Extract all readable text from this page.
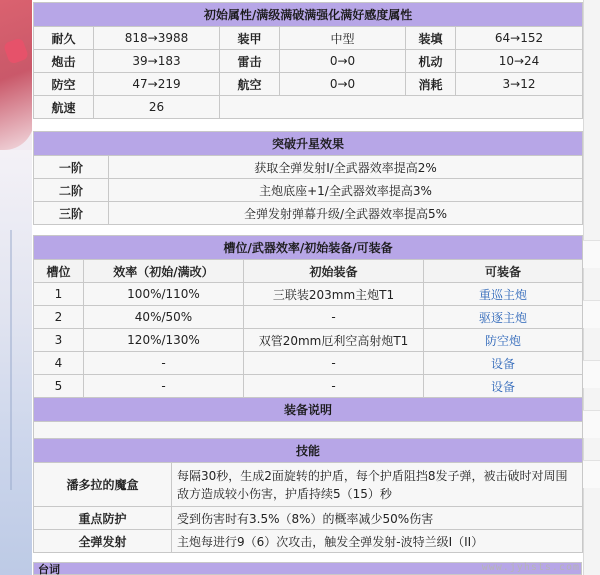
初始属性/满级满破满强化满好感度属性					
耐久	818→3988	装甲	中型	装填	64→152
炮击	39→183	雷击	0→0	机动	10→24
防空	47→219	航空	0→0	消耗	3→12
航速	26				
突破升星效果	
一阶	获取全弹发射I/全武器效率提高2%
二阶	主炮底座+1/全武器效率提高3%
三阶	全弹发射弹幕升级/全武器效率提高5%
槽位/武器效率/初始装备/可装备			
槽位	效率（初始/满改）	初始装备	可装备
1	100%/110%	三联装203mm主炮T1	重巡主炮
2	40%/50%	-	驱逐主炮
3	120%/130%	双管20mm厄利空高射炮T1	防空炮
4	-	-	设备
5	-	-	设备
装备说明			

技能	
潘多拉的魔盒	每隔30秒，生成2面旋转的护盾，每个护盾阻挡8发子弹，被击破时对周围敌方造成较小伤害，护盾持续5（15）秒
重点防护	受到伤害时有3.5%（8%）的概率减少50%伤害
全弹发射	主炮每进行9（6）次攻击，触发全弹发射-波特兰级I（II）
台词	www.jyhsts.com
